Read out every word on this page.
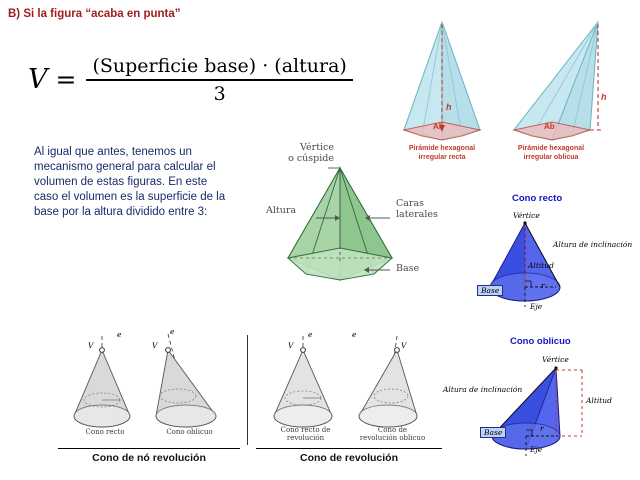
B) Si la figura “acaba en punta”
$V = \frac{\text{(Superficie base) · (altura)}}{3}$
Al igual que antes, tenemos un mecanismo general para calcular el volumen de estas figuras. En este caso el volumen es la superficie de la base por la altura dividido entre 3:
h
Ab
Pirámide hexagonal
irregular recta
h
Ab
Pirámide hexagonal
irregular oblicua
Vértice
o cúspide
Altura
Caras
laterales
Base
Cono recto
Vértice
Altura de inclinación
Altitud
Base
r
Eje
Cono oblicuo
Vértice
Altura de inclinación
Altitud
Base	r
Eje
V
e
Cono recto
V
e
Cono oblicuo
V
e
Cono recto de
revolución
V
e
Cono de
revolución oblicuo
Cono de nó revolución	Cono de revolución
